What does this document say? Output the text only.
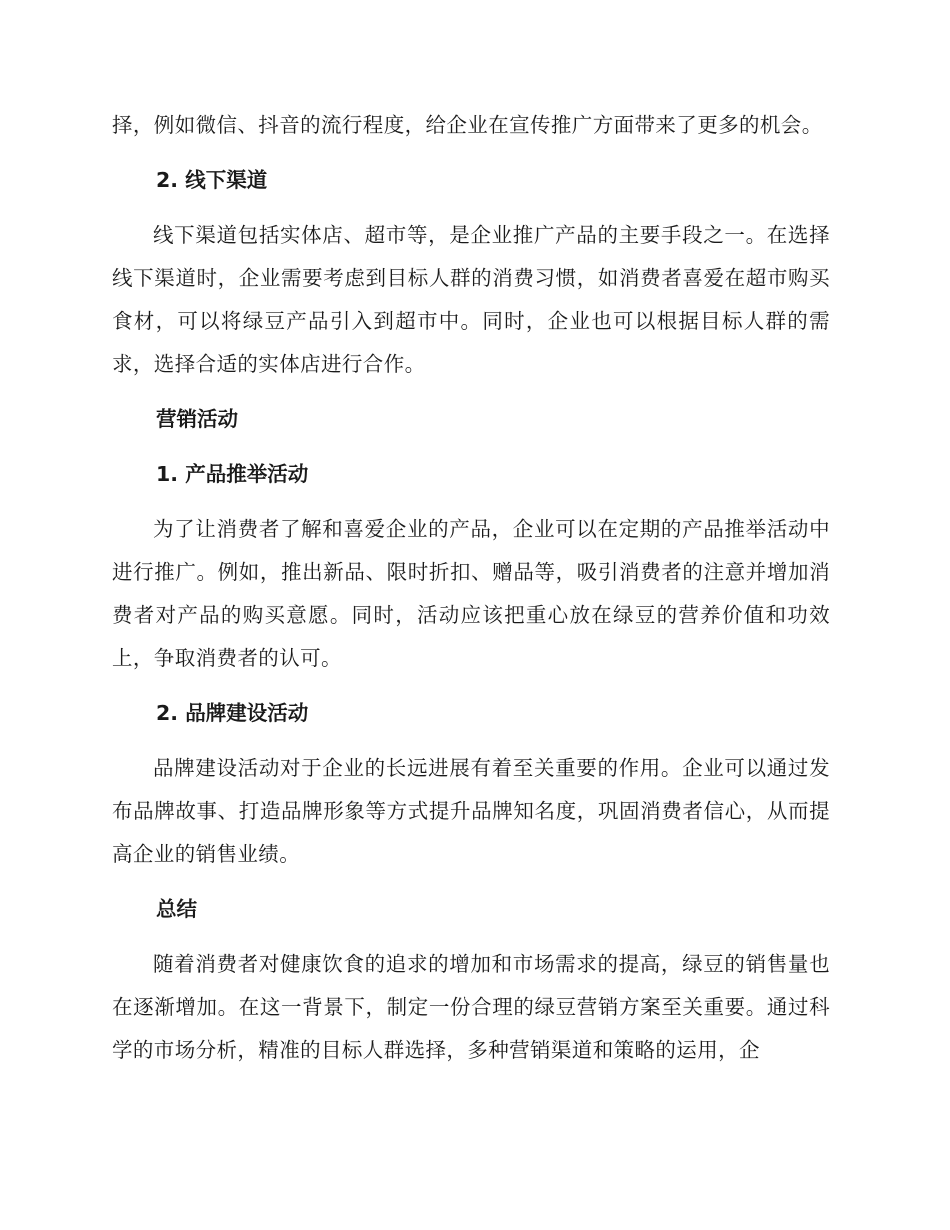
择，例如微信、抖音的流行程度，给企业在宣传推广方面带来了更多的机会。

2. 线下渠道

线下渠道包括实体店、超市等，是企业推广产品的主要手段之一。在选择线下渠道时，企业需要考虑到目标人群的消费习惯，如消费者喜爱在超市购买食材，可以将绿豆产品引入到超市中。同时，企业也可以根据目标人群的需求，选择合适的实体店进行合作。

营销活动
1. 产品推举活动

为了让消费者了解和喜爱企业的产品，企业可以在定期的产品推举活动中进行推广。例如，推出新品、限时折扣、赠品等，吸引消费者的注意并增加消费者对产品的购买意愿。同时，活动应该把重心放在绿豆的营养价值和功效上，争取消费者的认可。

2. 品牌建设活动

品牌建设活动对于企业的长远进展有着至关重要的作用。企业可以通过发布品牌故事、打造品牌形象等方式提升品牌知名度，巩固消费者信心，从而提高企业的销售业绩。

总结

随着消费者对健康饮食的追求的增加和市场需求的提高，绿豆的销售量也在逐渐增加。在这一背景下，制定一份合理的绿豆营销方案至关重要。通过科学的市场分析，精准的目标人群选择，多种营销渠道和策略的运用，企
